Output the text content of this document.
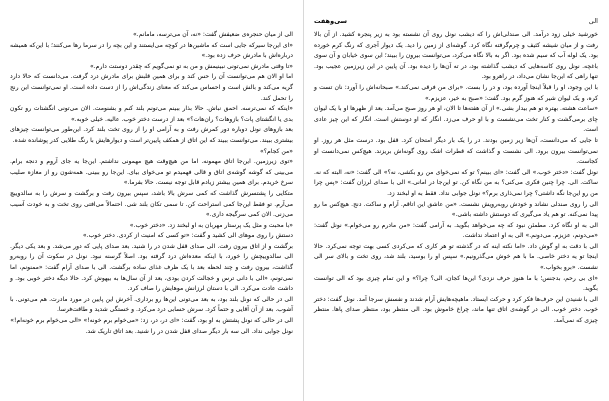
الی از میان حنجره‌ی ضعیفش گفت: «نه، آن می‌ترسه، مامانم.»

«ای این‌جا سیرکه جایی است که ماشین‌ها در کوچه می‌ایستند و این بچه را در سرما رها می‌کنند؛ با این‌که همیشه درباره‌اش با مادرش حرف زده بود.»

«تا وقتی مادرش نمی‌تونی نبینیمش و من به تو نمی‌گویم که چقدر دوستت دارم.»

اما او الان هم می‌توانست آن را حس کند و برای همین قلبش برای مادرش درد گرفت. می‌دانست که حالا دارد گریه می‌کند و بالش است و احساس می‌کند که معنای زندگی‌اش را از دست داده است. او نمی‌توانست این رنج را تحمل کند.

«اینکه که نمی‌ترسه. احمق نباش. حالا بذار ببینم می‌تونم بلند کنم و بشنومت. الان می‌تونی انگشتات رو تکون بدی یا انگشتای پات؟ بازوهات؟ ران‌هات؟» بعد از درست دختر خوب. عالیه. خیلی خوبه.»

بعد بازوهای نونل دوباره دور کمرش رفت و به آرامی او را از روی تخت بلند کرد. این‌طور می‌توانست چیزهای بیشتری ببیند. می‌توانست ببیند که این اتاق از همکف پایین‌تر است و دیوارهایش با رنگ طلایی کدر پوشانده شده.

«من کجام؟»

«توی زیرزمین. این‌جا اتاق مهمونه. اما من هیچ‌وقت هیچ مهمونی نداشتم. این‌جا یه جای آروم و دنجه برام. می‌بینی که گوشه گوشه‌ی اتاق و قالی فهمیدم تو می‌خوای بیای. این‌جا رو ببینی. همه‌شون رو از معازه صلیب سرخ خریدم. برای همین بیشتر زیادم قابل توجه نیست. حالا بفرما.»

متکایی را پشتسرش گذاشت که کمی سرش بالا باشد، سپس بیرون رفت و برگشت و سرش را به سالدوییچ می‌آرم. تو فقط این‌جا کمی استراحت کن. تا سمی تکان بلند شی. احتمالاً می‌افتی روی تخت و به خودت آسیب می‌زنی. الان کمی سرگیجه داری.»

«با محبت و مثل یک پرستار مهربان به او لبخند زد. «دختر خوب.»

دستش را روی موهای الی کشید و گفت: «تو کسی که امنیت از کردی. دختر خوب.»

برگشت و از اتاق بیرون رفت. الی صدای قفل شدن در را شنید. بعد صدای پایی که دور می‌شد. و بعد یکی دیگر. الی سالدوییچش را خورد، با اینکه معده‌اش درد گرفته بود. اصلاً گرسنه نبود. نونل در سکوت آن را روبه‌رو گذاشت، بیرون رفت و چند لحظه بعد با یک ظرف غذای ساده برگشت. الی با صدای آرام گفت: «ممنونم، اما نمی‌تونم، «الی با دانی ترس و خجالت کردن بودی، بعد از آن سال‌ها به بیهوش کرد. حالا دیگه دختر خوبی بود. و داشت عادت می‌کرد. الی با دستان لرزانش موهایش را صاف کرد.

الی در حالی که نونل بلند بود، به بعد می‌تونی این‌ها رو برداری. آخرش این پایین در مورد مادرت. هم می‌تونی. با آشوب. بعد از آن آقایی و حتماً کرد. سرش حسابی درد می‌کرد. و خستگی شدید و طاقت‌فرسا.

الی در حالی که نونل پشتش به او بود، گفت: «ای در، در، زد: «می‌خوام برم خونه!» «الی می‌خوام برم خونه‌ام!»

نونل جوابی نداد. الی سه بار دیگر صدای قفل شدن در را شنید. بعد اتاق تاریک شد.

الی
سی‌وهفت

خورشید خیلی زود درآمد. الی صندلی‌اش را که دیشب نونل روی آن نشسته بود به زیر پنجره کشید. از آن بالا رفت و از میان شیشه کثیف و چرم‌گرفته نگاه کرد. گوشه‌ای از زمین را دید. یک دیوار آجری که رنگ کرم خورده بود. یک لوله آب که سیم شده بود. اگر به بالا نگاه می‌کرد، می‌توانست بیرون را ببیند؛ این سوی خیابان و آن سوی باغچه. نونل روی کاسه‌هایی که دیشب گذاشته بود، در ته آن‌ها را دیده بود. آن پایین در این زیرزمین عجیب بود. تنها راهی که این‌جا نشان می‌داد، در راهرو بود.

با این وجود، او را قبلاً اینجا آورده بود، و در را بست. «برای من فرقی نمی‌کند.» صبحانه‌اش را آورد: نان تست و کره، و یک لیوان شیر که هنوز گرم بود. گفت: «صبح به خیر، عزیزم.»

«ساعت هشته. بهتره تو هم بیدار بشی.» از آن هفته‌ها تا الان، او هر روز صبح می‌آمد. بعد از ظهرها او با یک لیوان چای برمی‌گشت و کنار تخت می‌نشست و با او حرف می‌زد. انگار که او دوستش است. انگار که این چیز عادی است.

تا جایی که می‌دانست، آن‌ها زیر زمین بودند. در را یک بار دیگر امتحان کرد. قفل بود. درست مثل هر روز. او نمی‌توانست بیرون برود. الی نشست و گذاشت که قطرات اشک روی گونه‌اش بریزند. هیچ‌کس نمی‌دانست او کجاست.

نونل گفت: «دختر خوب.» الی گفت: «ای ببینم؟ تو که نمی‌خوای من رو بکشی، نه؟» الی گفت: «نه، البته که نه. ساکت. الی. چرا چنین فکری می‌کنی؟ به من نگاه کن. تو این‌جا در امانی.» الی با صدای لرزان گفت: «پس چرا من رو این‌جا نگه داشتی؟ چرا نمی‌ذاری برم؟» نونل جوابی نداد. فقط به او لبخند زد.

الی را روی صندلی نشاند و خودش روبه‌رویش نشست. «من عاشق این اتاقم. آرام و ساکت. دنج. هیچ‌کس ما رو پیدا نمی‌کنه. تو هم یاد می‌گیری که دوستش داشته باشی.»

الی به او نگاه کرد. مطمئن نبود که چه می‌خواهد بگوید. به آرامی گفت: «من مادرم رو می‌خوام.» نونل گفت: «می‌دونم، عزیزم. می‌دونم.» الی به او اعتماد نداشت.

الی با دقت به او گوش داد. «اما نکته اینه که در گذشته تو هر کاری که می‌کردی کسی بهت توجه نمی‌کرد. حالا اینجا تو یه دختر خاصی. ما با هم خوش می‌گذرونیم.» سپس او را بوسید، بلند شد، روی تخت و بالای سر الی نشست. «برو بخواب.»

«ای بی رحم، بدجنس؛ با ما هنوز حرف نزدی؟ این‌ها کجان، الی؟ چرا؟» و این تمام چیزی بود که الی توانست بگوید.

الی با شنیدن این حرف‌ها فکر کرد و حرکت ایستاد. ماهیچه‌هایش آرام شدند و نفسش سرجا آمد. نونل گفت: دختر خوب. دختر خوب. الی در گوشه‌ی اتاق تنها ماند، چراغ خاموش بود. الی منتظر بود، منتظر صدای پاها. منتظر چیزی که نمی‌آمد.
